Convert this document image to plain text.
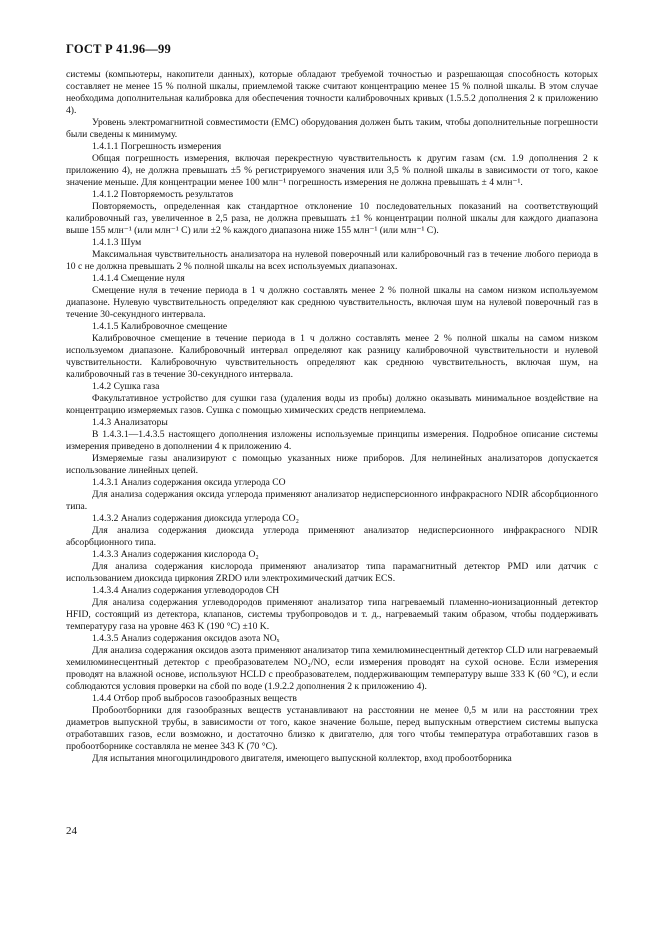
ГОСТ Р 41.96—99

системы (компьютеры, накопители данных), которые обладают требуемой точностью и разрешающая способность которых составляет не менее 15 % полной шкалы, приемлемой также считают концентрацию менее 15 % полной шкалы. В этом случае необходима дополнительная калибровка для обеспечения точности калибровочных кривых (1.5.5.2 дополнения 2 к приложению 4).

Уровень электромагнитной совместимости (EMC) оборудования должен быть таким, чтобы дополнительные погрешности были сведены к минимуму.

1.4.1.1 Погрешность измерения

Общая погрешность измерения, включая перекрестную чувствительность к другим газам (см. 1.9 дополнения 2 к приложению 4), не должна превышать ±5 % регистрируемого значения или 3,5 % полной шкалы в зависимости от того, какое значение меньше. Для концентрации менее 100 млн⁻¹ погрешность измерения не должна превышать ± 4 млн⁻¹.

1.4.1.2 Повторяемость результатов

Повторяемость, определенная как стандартное отклонение 10 последовательных показаний на соответствующий калибровочный газ, увеличенное в 2,5 раза, не должна превышать ±1 % концентрации полной шкалы для каждого диапазона выше 155 млн⁻¹ (или млн⁻¹ С) или ±2 % каждого диапазона ниже 155 млн⁻¹ (или млн⁻¹ С).

1.4.1.3 Шум

Максимальная чувствительность анализатора на нулевой поверочный или калибровочный газ в течение любого периода в 10 с не должна превышать 2 % полной шкалы на всех используемых диапазонах.

1.4.1.4 Смещение нуля

Смещение нуля в течение периода в 1 ч должно составлять менее 2 % полной шкалы на самом низком используемом диапазоне. Нулевую чувствительность определяют как среднюю чувствительность, включая шум на нулевой поверочный газ в течение 30-секундного интервала.

1.4.1.5 Калибровочное смещение

Калибровочное смещение в течение периода в 1 ч должно составлять менее 2 % полной шкалы на самом низком используемом диапазоне. Калибровочный интервал определяют как разницу калибровочной чувствительности и нулевой чувствительности. Калибровочную чувствительность определяют как среднюю чувствительность, включая шум, на калибровочный газ в течение 30-секундного интервала.

1.4.2 Сушка газа

Факультативное устройство для сушки газа (удаления воды из пробы) должно оказывать минимальное воздействие на концентрацию измеряемых газов. Сушка с помощью химических средств неприемлема.

1.4.3 Анализаторы

В 1.4.3.1—1.4.3.5 настоящего дополнения изложены используемые принципы измерения. Подробное описание системы измерения приведено в дополнении 4 к приложению 4.

Измеряемые газы анализируют с помощью указанных ниже приборов. Для нелинейных анализаторов допускается использование линейных цепей.

1.4.3.1 Анализ содержания оксида углерода CO

Для анализа содержания оксида углерода применяют анализатор недисперсионного инфракрасного NDIR абсорбционного типа.

1.4.3.2 Анализ содержания диоксида углерода CO₂

Для анализа содержания диоксида углерода применяют анализатор недисперсионного инфракрасного NDIR абсорбционного типа.

1.4.3.3 Анализ содержания кислорода O₂

Для анализа содержания кислорода применяют анализатор типа парамагнитный детектор PMD или датчик с использованием диоксида циркония ZRDO или электрохимический датчик ECS.

1.4.3.4 Анализ содержания углеводородов CH

Для анализа содержания углеводородов применяют анализатор типа нагреваемый пламенно-ионизационный детектор HFID, состоящий из детектора, клапанов, системы трубопроводов и т. д., нагреваемый таким образом, чтобы поддерживать температуру газа на уровне 463 K (190 °C) ±10 K.

1.4.3.5 Анализ содержания оксидов азота NOₓ

Для анализа содержания оксидов азота применяют анализатор типа хемилюминесцентный детектор CLD или нагреваемый хемилюминесцентный детектор с преобразователем NO₂/NO, если измерения проводят на сухой основе. Если измерения проводят на влажной основе, используют HCLD с преобразователем, поддерживающим температуру выше 333 K (60 °C), и если соблюдаются условия проверки на сбой по воде (1.9.2.2 дополнения 2 к приложению 4).

1.4.4 Отбор проб выбросов газообразных веществ

Пробоотборники для газообразных веществ устанавливают на расстоянии не менее 0,5 м или на расстоянии трех диаметров выпускной трубы, в зависимости от того, какое значение больше, перед выпускным отверстием системы выпуска отработавших газов, если возможно, и достаточно близко к двигателю, для того чтобы температура отработавших газов в пробоотборнике составляла не менее 343 K (70 °C).

Для испытания многоцилиндрового двигателя, имеющего выпускной коллектор, вход пробоотборника

24
